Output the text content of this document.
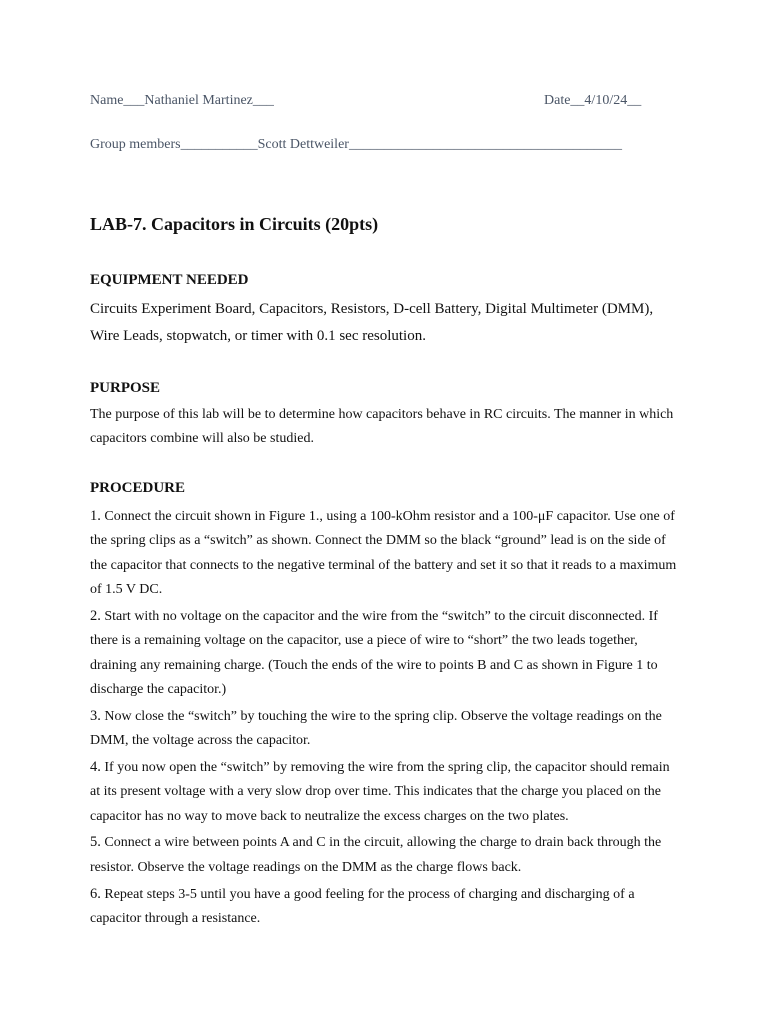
Name___Nathaniel Martinez___	Date__4/10/24__
Group members___________Scott Dettweiler_______________________________________
LAB-7. Capacitors in Circuits (20pts)
EQUIPMENT NEEDED
Circuits Experiment Board, Capacitors, Resistors, D-cell Battery, Digital Multimeter (DMM), Wire Leads, stopwatch, or timer with 0.1 sec resolution.
PURPOSE
The purpose of this lab will be to determine how capacitors behave in RC circuits. The manner in which capacitors combine will also be studied.
PROCEDURE

1. Connect the circuit shown in Figure 1., using a 100-kOhm resistor and a 100-μF capacitor. Use one of the spring clips as a “switch” as shown. Connect the DMM so the black “ground” lead is on the side of the capacitor that connects to the negative terminal of the battery and set it so that it reads to a maximum of 1.5 V DC.

2. Start with no voltage on the capacitor and the wire from the “switch” to the circuit disconnected. If there is a remaining voltage on the capacitor, use a piece of wire to “short” the two leads together, draining any remaining charge. (Touch the ends of the wire to points B and C as shown in Figure 1 to discharge the capacitor.)

3. Now close the “switch” by touching the wire to the spring clip. Observe the voltage readings on the DMM, the voltage across the capacitor.

4. If you now open the “switch” by removing the wire from the spring clip, the capacitor should remain at its present voltage with a very slow drop over time. This indicates that the charge you placed on the capacitor has no way to move back to neutralize the excess charges on the two plates.

5. Connect a wire between points A and C in the circuit, allowing the charge to drain back through the resistor. Observe the voltage readings on the DMM as the charge flows back.

6. Repeat steps 3-5 until you have a good feeling for the process of charging and discharging of a capacitor through a resistance.
